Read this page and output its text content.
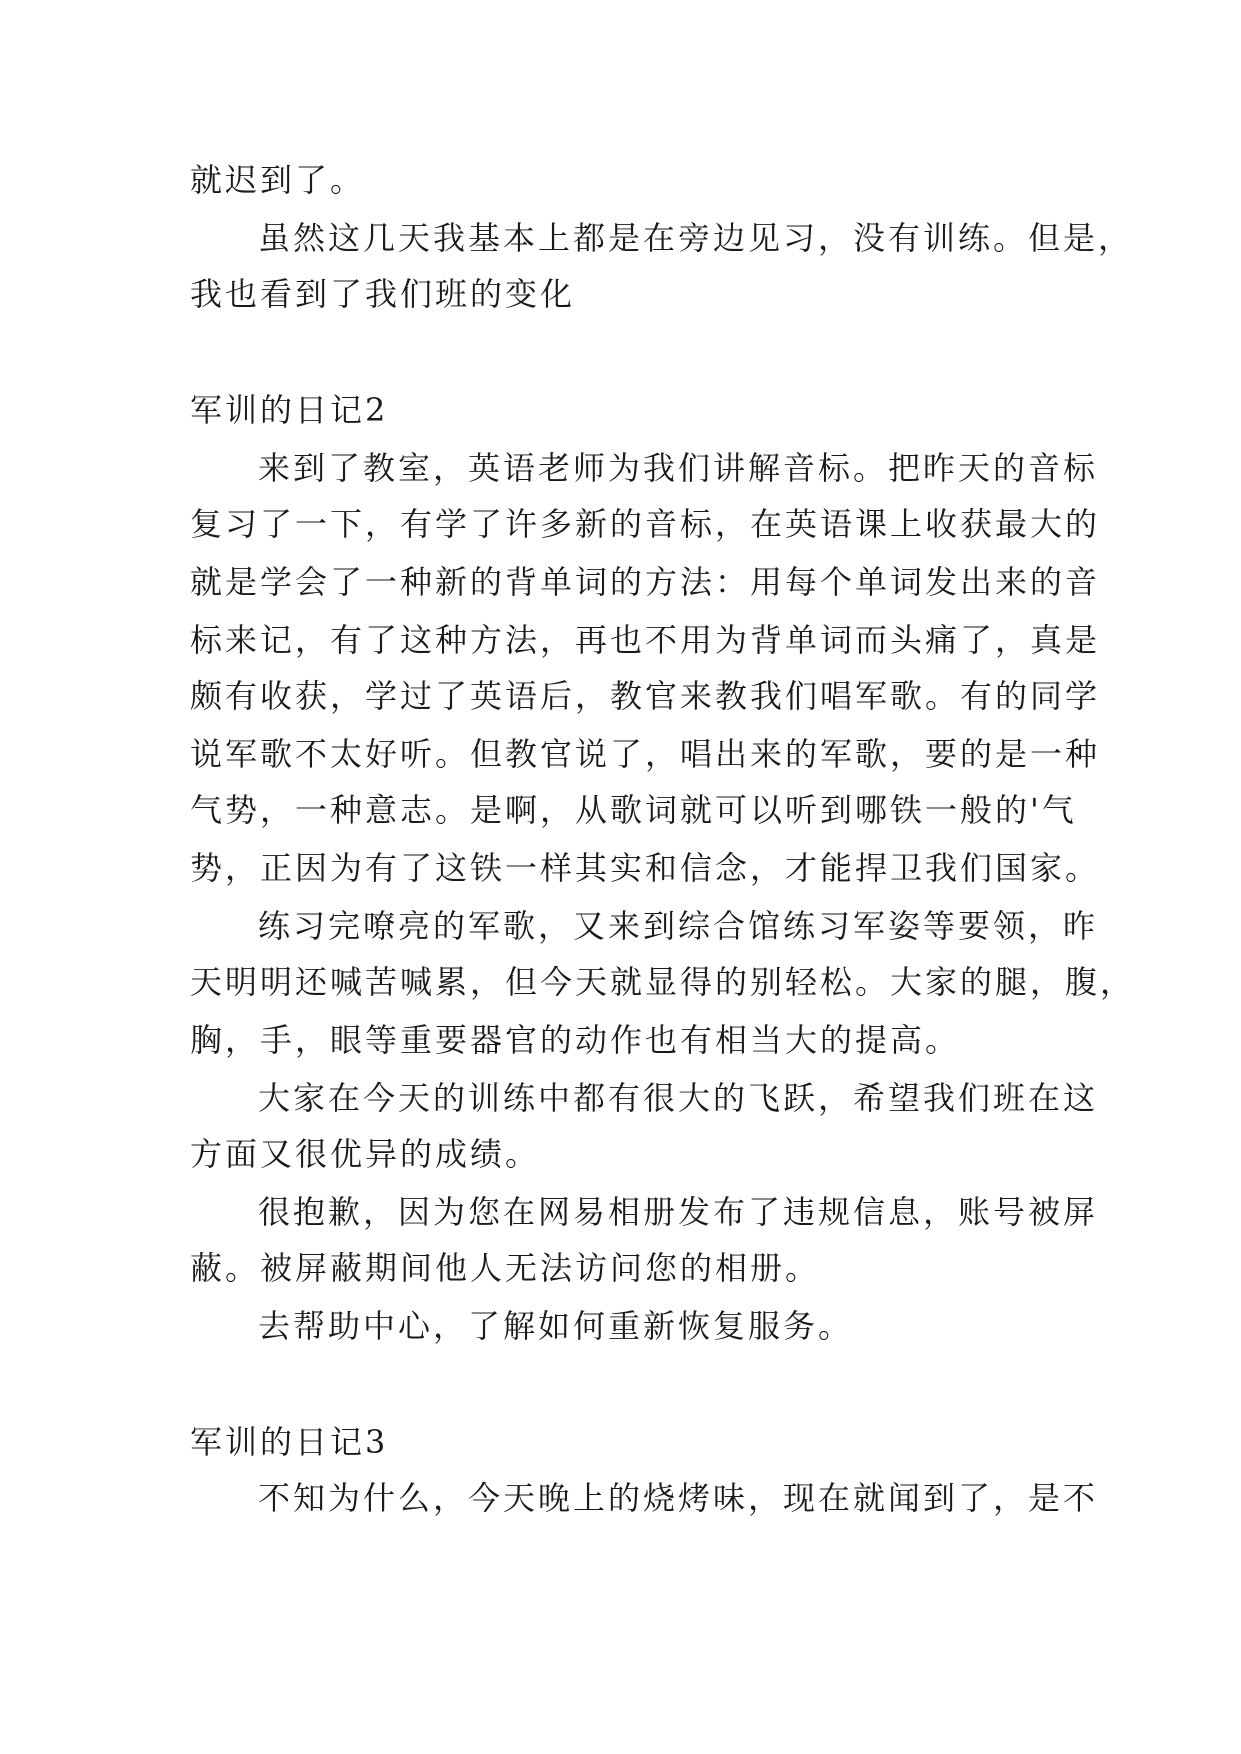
就迟到了。
虽然这几天我基本上都是在旁边见习，没有训练。但是，
我也看到了我们班的变化
军训的日记2
来到了教室，英语老师为我们讲解音标。把昨天的音标
复习了一下，有学了许多新的音标，在英语课上收获最大的
就是学会了一种新的背单词的方法：用每个单词发出来的音
标来记，有了这种方法，再也不用为背单词而头痛了，真是
颇有收获，学过了英语后，教官来教我们唱军歌。有的同学
说军歌不太好听。但教官说了，唱出来的军歌，要的是一种
气势，一种意志。是啊，从歌词就可以听到哪铁一般的'气
势，正因为有了这铁一样其实和信念，才能捍卫我们国家。
练习完嘹亮的军歌，又来到综合馆练习军姿等要领，昨
天明明还喊苦喊累，但今天就显得的别轻松。大家的腿，腹，
胸，手，眼等重要器官的动作也有相当大的提高。
大家在今天的训练中都有很大的飞跃，希望我们班在这
方面又很优异的成绩。
很抱歉，因为您在网易相册发布了违规信息，账号被屏
蔽。被屏蔽期间他人无法访问您的相册。
去帮助中心，了解如何重新恢复服务。
军训的日记3
不知为什么，今天晚上的烧烤味，现在就闻到了，是不
